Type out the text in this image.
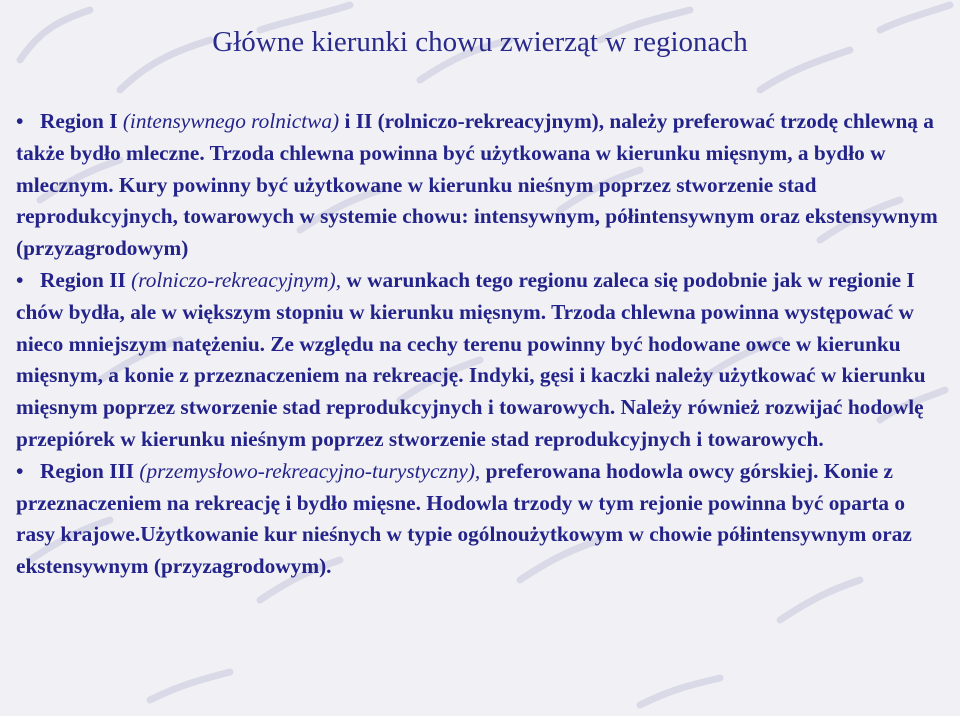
Główne kierunki chowu zwierząt w regionach

• Region I (intensywnego rolnictwa) i II (rolniczo-rekreacyjnym), należy preferować trzodę chlewną a także bydło mleczne. Trzoda chlewna powinna być użytkowana w kierunku mięsnym, a bydło w mlecznym. Kury powinny być użytkowane w kierunku nieśnym poprzez stworzenie stad reprodukcyjnych, towarowych w systemie chowu: intensywnym, półintensywnym oraz ekstensywnym (przyzagrodowym)

• Region II (rolniczo-rekreacyjnym), w warunkach tego regionu zaleca się podobnie jak w regionie I chów bydła, ale w większym stopniu w kierunku mięsnym. Trzoda chlewna powinna występować w nieco mniejszym natężeniu. Ze względu na cechy terenu powinny być hodowane owce w kierunku mięsnym, a konie z przeznaczeniem na rekreację. Indyki, gęsi i kaczki należy użytkować w kierunku mięsnym poprzez stworzenie stad reprodukcyjnych i towarowych. Należy również rozwijać hodowlę przepiórek w kierunku nieśnym poprzez stworzenie stad reprodukcyjnych i towarowych.

• Region III (przemysłowo-rekreacyjno-turystyczny), preferowana hodowla owcy górskiej. Konie z przeznaczeniem na rekreację i bydło mięsne. Hodowla trzody w tym rejonie powinna być oparta o rasy krajowe.Użytkowanie kur nieśnych w typie ogólnoużytkowym w chowie półintensywnym oraz ekstensywnym (przyzagrodowym).
